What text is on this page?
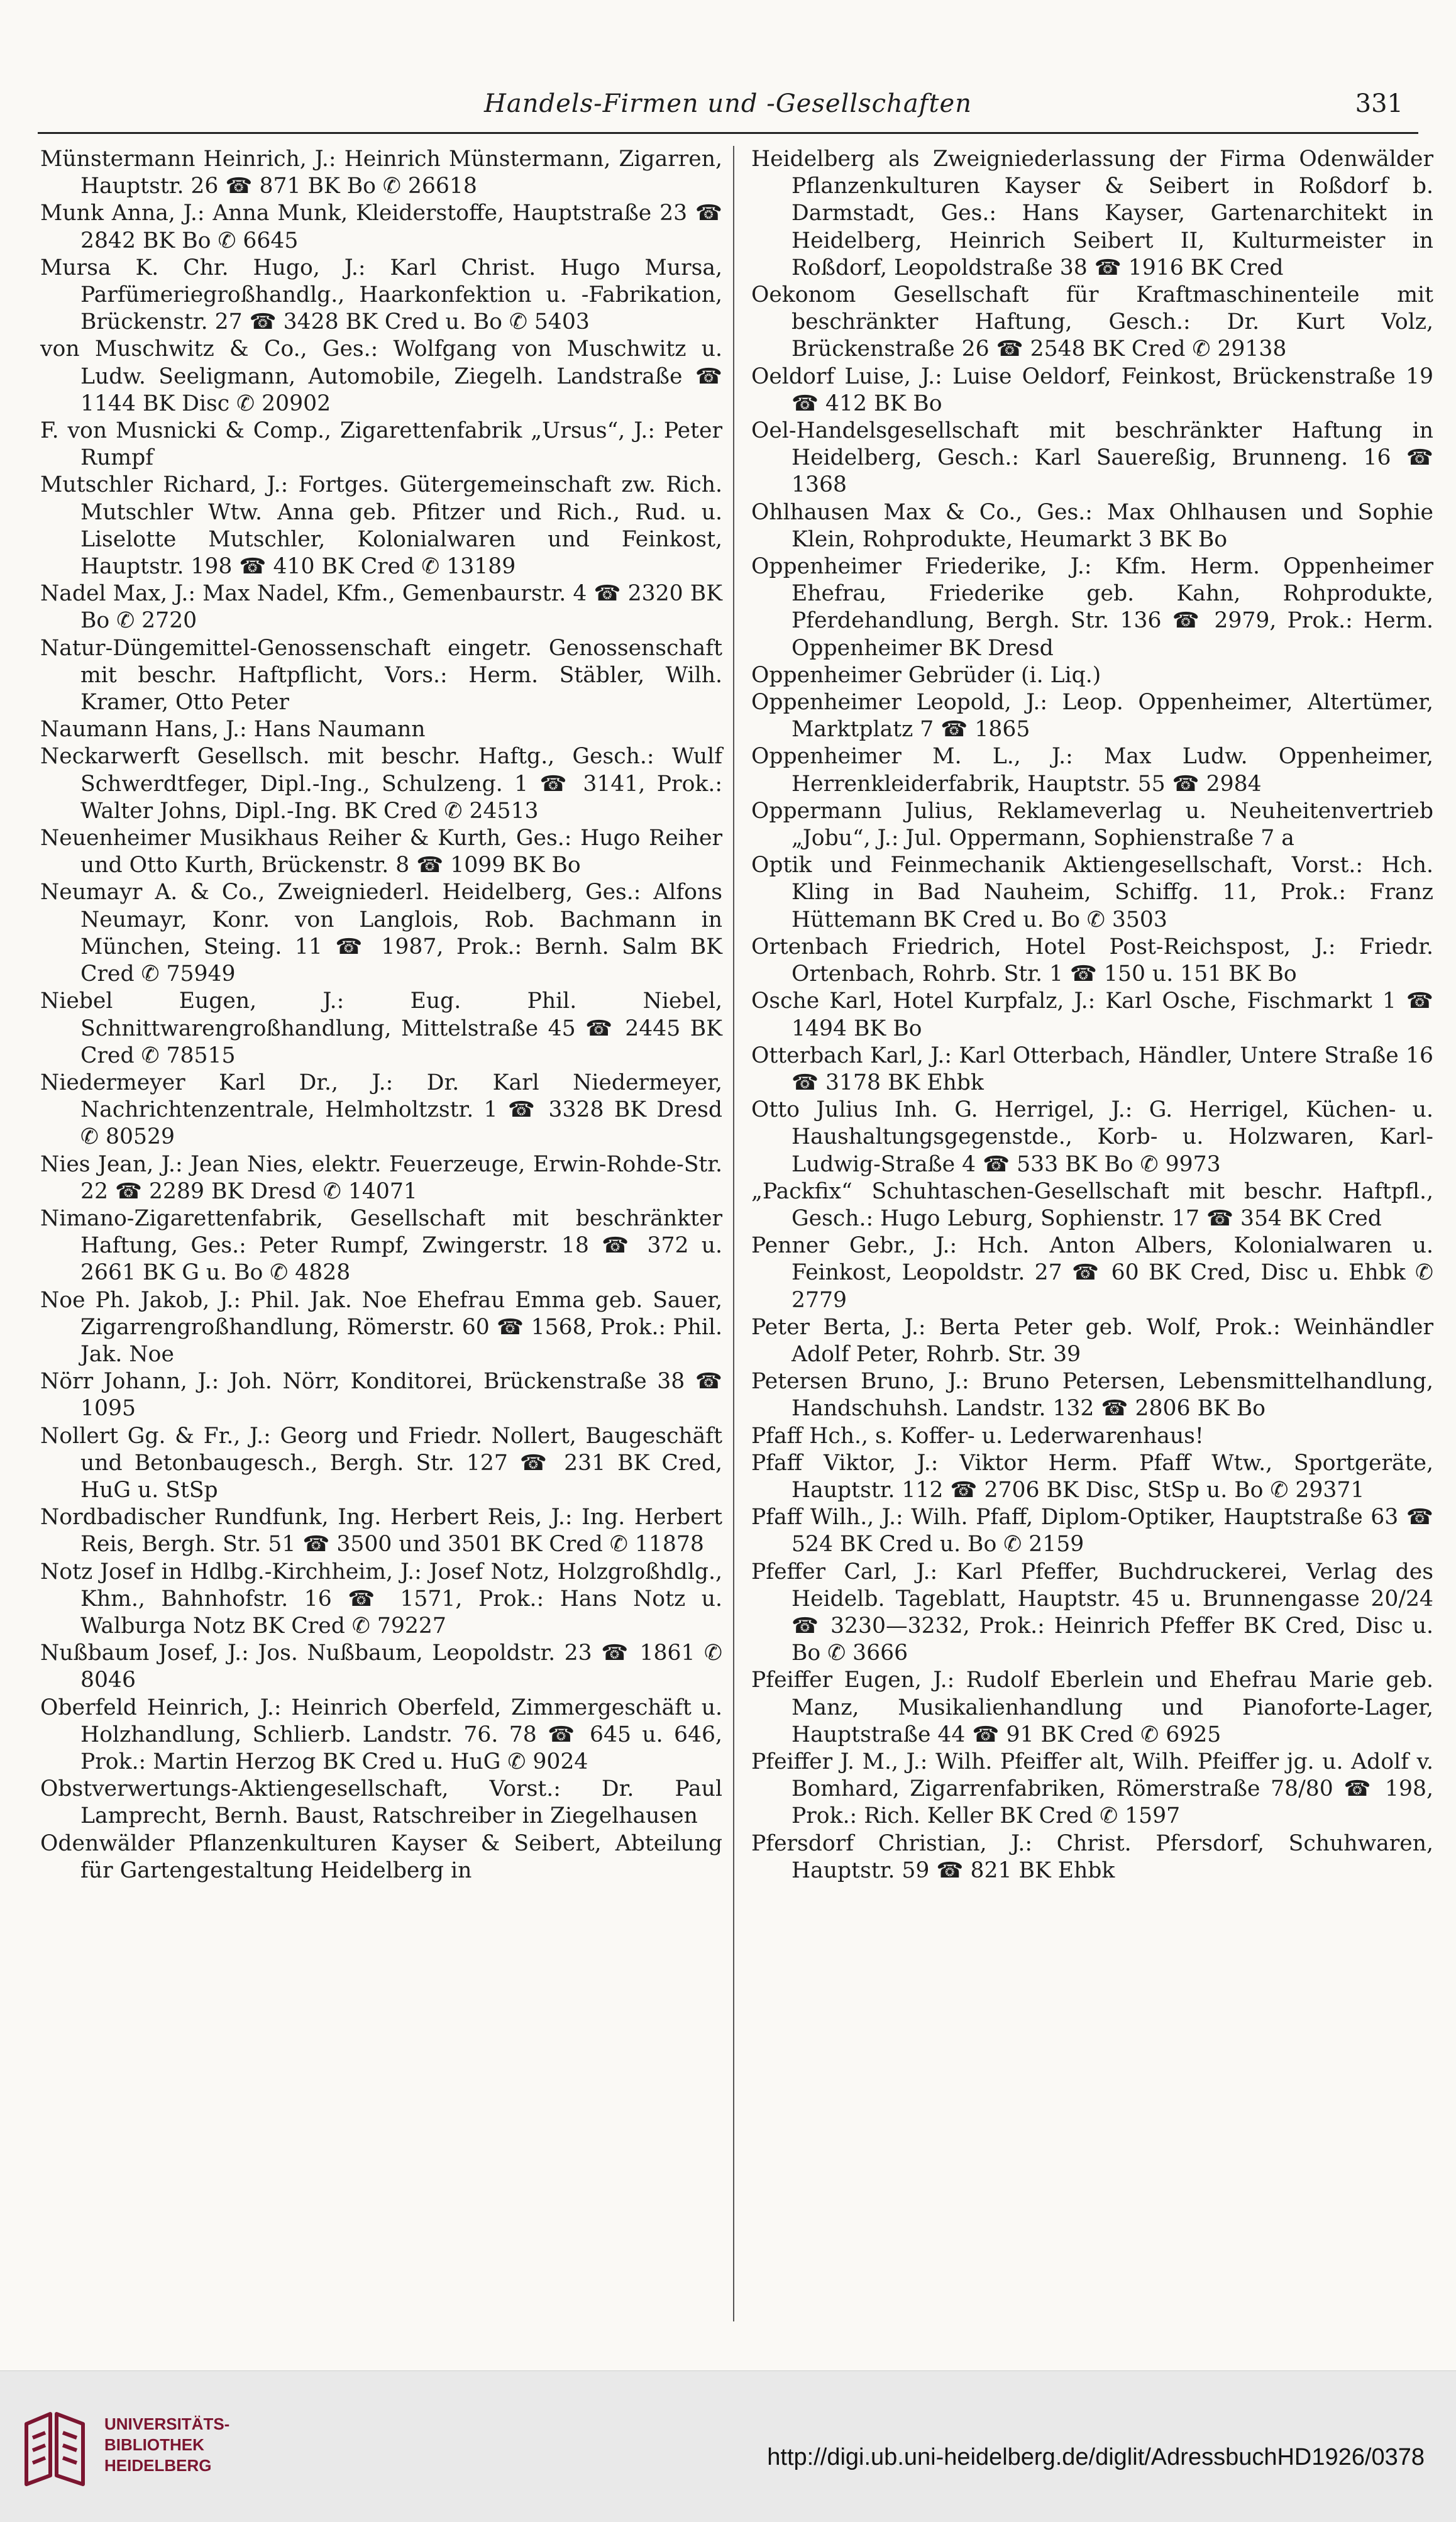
Handels-Firmen und -Gesellschaften	331

Münstermann Heinrich, J.: Heinrich Münstermann, Zigarren, Hauptstr. 26 ☎ 871 BK Bo ✆ 26618

Munk Anna, J.: Anna Munk, Kleiderstoffe, Hauptstraße 23 ☎ 2842 BK Bo ✆ 6645

Mursa K. Chr. Hugo, J.: Karl Christ. Hugo Mursa, Parfümeriegroßhandlg., Haarkonfektion u. -Fabrikation, Brückenstr. 27 ☎ 3428 BK Cred u. Bo ✆ 5403

von Muschwitz & Co., Ges.: Wolfgang von Muschwitz u. Ludw. Seeligmann, Automobile, Ziegelh. Landstraße ☎ 1144 BK Disc ✆ 20902

F. von Musnicki & Comp., Zigarettenfabrik „Ursus“, J.: Peter Rumpf

Mutschler Richard, J.: Fortges. Gütergemeinschaft zw. Rich. Mutschler Wtw. Anna geb. Pfitzer und Rich., Rud. u. Liselotte Mutschler, Kolonialwaren und Feinkost, Hauptstr. 198 ☎ 410 BK Cred ✆ 13189

Nadel Max, J.: Max Nadel, Kfm., Gemenbaurstr. 4 ☎ 2320 BK Bo ✆ 2720

Natur-Düngemittel-Genossenschaft eingetr. Genossenschaft mit beschr. Haftpflicht, Vors.: Herm. Stäbler, Wilh. Kramer, Otto Peter

Naumann Hans, J.: Hans Naumann

Neckarwerft Gesellsch. mit beschr. Haftg., Gesch.: Wulf Schwerdtfeger, Dipl.-Ing., Schulzeng. 1 ☎ 3141, Prok.: Walter Johns, Dipl.-Ing. BK Cred ✆ 24513

Neuenheimer Musikhaus Reiher & Kurth, Ges.: Hugo Reiher und Otto Kurth, Brückenstr. 8 ☎ 1099 BK Bo

Neumayr A. & Co., Zweigniederl. Heidelberg, Ges.: Alfons Neumayr, Konr. von Langlois, Rob. Bachmann in München, Steing. 11 ☎ 1987, Prok.: Bernh. Salm BK Cred ✆ 75949

Niebel Eugen, J.: Eug. Phil. Niebel, Schnittwarengroßhandlung, Mittelstraße 45 ☎ 2445 BK Cred ✆ 78515

Niedermeyer Karl Dr., J.: Dr. Karl Niedermeyer, Nachrichtenzentrale, Helmholtzstr. 1 ☎ 3328 BK Dresd ✆ 80529

Nies Jean, J.: Jean Nies, elektr. Feuerzeuge, Erwin-Rohde-Str. 22 ☎ 2289 BK Dresd ✆ 14071

Nimano-Zigarettenfabrik, Gesellschaft mit beschränkter Haftung, Ges.: Peter Rumpf, Zwingerstr. 18 ☎ 372 u. 2661 BK G u. Bo ✆ 4828

Noe Ph. Jakob, J.: Phil. Jak. Noe Ehefrau Emma geb. Sauer, Zigarrengroßhandlung, Römerstr. 60 ☎ 1568, Prok.: Phil. Jak. Noe

Nörr Johann, J.: Joh. Nörr, Konditorei, Brückenstraße 38 ☎ 1095

Nollert Gg. & Fr., J.: Georg und Friedr. Nollert, Baugeschäft und Betonbaugesch., Bergh. Str. 127 ☎ 231 BK Cred, HuG u. StSp

Nordbadischer Rundfunk, Ing. Herbert Reis, J.: Ing. Herbert Reis, Bergh. Str. 51 ☎ 3500 und 3501 BK Cred ✆ 11878

Notz Josef in Hdlbg.-Kirchheim, J.: Josef Notz, Holzgroßhdlg., Khm., Bahnhofstr. 16 ☎ 1571, Prok.: Hans Notz u. Walburga Notz BK Cred ✆ 79227

Nußbaum Josef, J.: Jos. Nußbaum, Leopoldstr. 23 ☎ 1861 ✆ 8046

Oberfeld Heinrich, J.: Heinrich Oberfeld, Zimmergeschäft u. Holzhandlung, Schlierb. Landstr. 76. 78 ☎ 645 u. 646, Prok.: Martin Herzog BK Cred u. HuG ✆ 9024

Obstverwertungs-Aktiengesellschaft, Vorst.: Dr. Paul Lamprecht, Bernh. Baust, Ratschreiber in Ziegelhausen

Odenwälder Pflanzenkulturen Kayser & Seibert, Abteilung für Gartengestaltung Heidelberg in

Heidelberg als Zweigniederlassung der Firma Odenwälder Pflanzenkulturen Kayser & Seibert in Roßdorf b. Darmstadt, Ges.: Hans Kayser, Gartenarchitekt in Heidelberg, Heinrich Seibert II, Kulturmeister in Roßdorf, Leopoldstraße 38 ☎ 1916 BK Cred

Oekonom Gesellschaft für Kraftmaschinenteile mit beschränkter Haftung, Gesch.: Dr. Kurt Volz, Brückenstraße 26 ☎ 2548 BK Cred ✆ 29138

Oeldorf Luise, J.: Luise Oeldorf, Feinkost, Brückenstraße 19 ☎ 412 BK Bo

Oel-Handelsgesellschaft mit beschränkter Haftung in Heidelberg, Gesch.: Karl Sauereßig, Brunneng. 16 ☎ 1368

Ohlhausen Max & Co., Ges.: Max Ohlhausen und Sophie Klein, Rohprodukte, Heumarkt 3 BK Bo

Oppenheimer Friederike, J.: Kfm. Herm. Oppenheimer Ehefrau, Friederike geb. Kahn, Rohprodukte, Pferdehandlung, Bergh. Str. 136 ☎ 2979, Prok.: Herm. Oppenheimer BK Dresd

Oppenheimer Gebrüder (i. Liq.)

Oppenheimer Leopold, J.: Leop. Oppenheimer, Altertümer, Marktplatz 7 ☎ 1865

Oppenheimer M. L., J.: Max Ludw. Oppenheimer, Herrenkleiderfabrik, Hauptstr. 55 ☎ 2984

Oppermann Julius, Reklameverlag u. Neuheitenvertrieb „Jobu“, J.: Jul. Oppermann, Sophienstraße 7 a

Optik und Feinmechanik Aktiengesellschaft, Vorst.: Hch. Kling in Bad Nauheim, Schiffg. 11, Prok.: Franz Hüttemann BK Cred u. Bo ✆ 3503

Ortenbach Friedrich, Hotel Post-Reichspost, J.: Friedr. Ortenbach, Rohrb. Str. 1 ☎ 150 u. 151 BK Bo

Osche Karl, Hotel Kurpfalz, J.: Karl Osche, Fischmarkt 1 ☎ 1494 BK Bo

Otterbach Karl, J.: Karl Otterbach, Händler, Untere Straße 16 ☎ 3178 BK Ehbk

Otto Julius Inh. G. Herrigel, J.: G. Herrigel, Küchen- u. Haushaltungsgegenstde., Korb- u. Holzwaren, Karl-Ludwig-Straße 4 ☎ 533 BK Bo ✆ 9973

„Packfix“ Schuhtaschen-Gesellschaft mit beschr. Haftpfl., Gesch.: Hugo Leburg, Sophienstr. 17 ☎ 354 BK Cred

Penner Gebr., J.: Hch. Anton Albers, Kolonialwaren u. Feinkost, Leopoldstr. 27 ☎ 60 BK Cred, Disc u. Ehbk ✆ 2779

Peter Berta, J.: Berta Peter geb. Wolf, Prok.: Weinhändler Adolf Peter, Rohrb. Str. 39

Petersen Bruno, J.: Bruno Petersen, Lebensmittelhandlung, Handschuhsh. Landstr. 132 ☎ 2806 BK Bo

Pfaff Hch., s. Koffer- u. Lederwarenhaus!

Pfaff Viktor, J.: Viktor Herm. Pfaff Wtw., Sportgeräte, Hauptstr. 112 ☎ 2706 BK Disc, StSp u. Bo ✆ 29371

Pfaff Wilh., J.: Wilh. Pfaff, Diplom-Optiker, Hauptstraße 63 ☎ 524 BK Cred u. Bo ✆ 2159

Pfeffer Carl, J.: Karl Pfeffer, Buchdruckerei, Verlag des Heidelb. Tageblatt, Hauptstr. 45 u. Brunnengasse 20/24 ☎ 3230—3232, Prok.: Heinrich Pfeffer BK Cred, Disc u. Bo ✆ 3666

Pfeiffer Eugen, J.: Rudolf Eberlein und Ehefrau Marie geb. Manz, Musikalienhandlung und Pianoforte-Lager, Hauptstraße 44 ☎ 91 BK Cred ✆ 6925

Pfeiffer J. M., J.: Wilh. Pfeiffer alt, Wilh. Pfeiffer jg. u. Adolf v. Bomhard, Zigarrenfabriken, Römerstraße 78/80 ☎ 198, Prok.: Rich. Keller BK Cred ✆ 1597

Pfersdorf Christian, J.: Christ. Pfersdorf, Schuhwaren, Hauptstr. 59 ☎ 821 BK Ehbk

UNIVERSITÄTS-
BIBLIOTHEK
HEIDELBERG	http://digi.ub.uni-heidelberg.de/diglit/AdressbuchHD1926/0378
